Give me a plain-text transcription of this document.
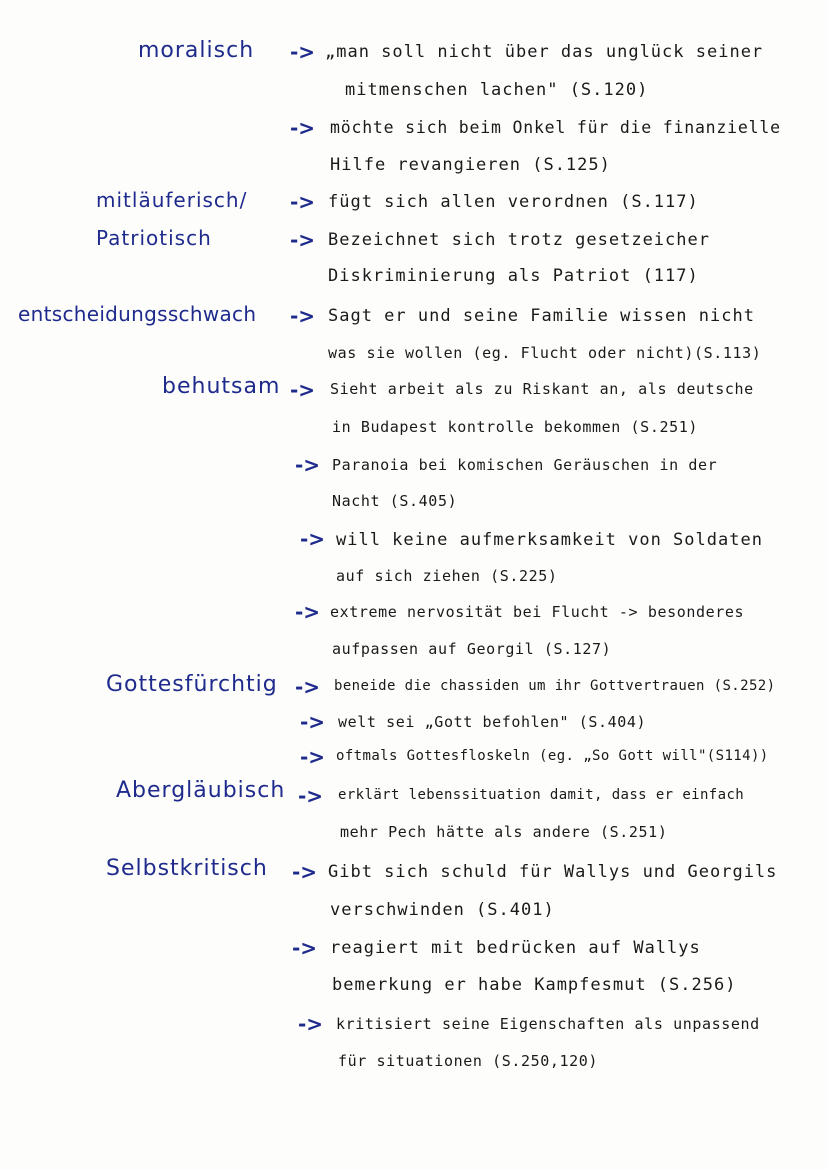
moralisch -> „man soll nicht über das unglück seiner
mitmenschen lachen" (S.120)
-> möchte sich beim Onkel für die finanzielle
Hilfe revangieren (S.125)
mitläuferisch/ -> fügt sich allen verordnen (S.117)
Patriotisch	-> Bezeichnet sich trotz gesetzeicher
Diskriminierung als Patriot (117)
entscheidungsschwach -> Sagt er und seine Familie wissen nicht
was sie wollen (eg. Flucht oder nicht)(S.113)
behutsam -> Sieht arbeit als zu Riskant an, als deutsche
in Budapest kontrolle bekommen (S.251)
-> Paranoia bei komischen Geräuschen in der
Nacht (S.405)
-> will keine aufmerksamkeit von Soldaten
auf sich ziehen (S.225)
-> extreme nervosität bei Flucht -> besonderes
aufpassen auf Georgil (S.127)
Gottesfürchtig -> beneide die chassiden um ihr Gottvertrauen (S.252)
-> welt sei „Gott befohlen" (S.404)
-> oftmals Gottesfloskeln (eg. „So Gott will"(S114))
Abergläubisch -> erklärt lebenssituation damit, dass er einfach
mehr Pech hätte als andere (S.251)
Selbstkritisch -> Gibt sich schuld für Wallys und Georgils
verschwinden (S.401)
-> reagiert mit bedrücken auf Wallys
bemerkung er habe Kampfesmut (S.256)
-> kritisiert seine Eigenschaften als unpassend
für situationen (S.250,120)
